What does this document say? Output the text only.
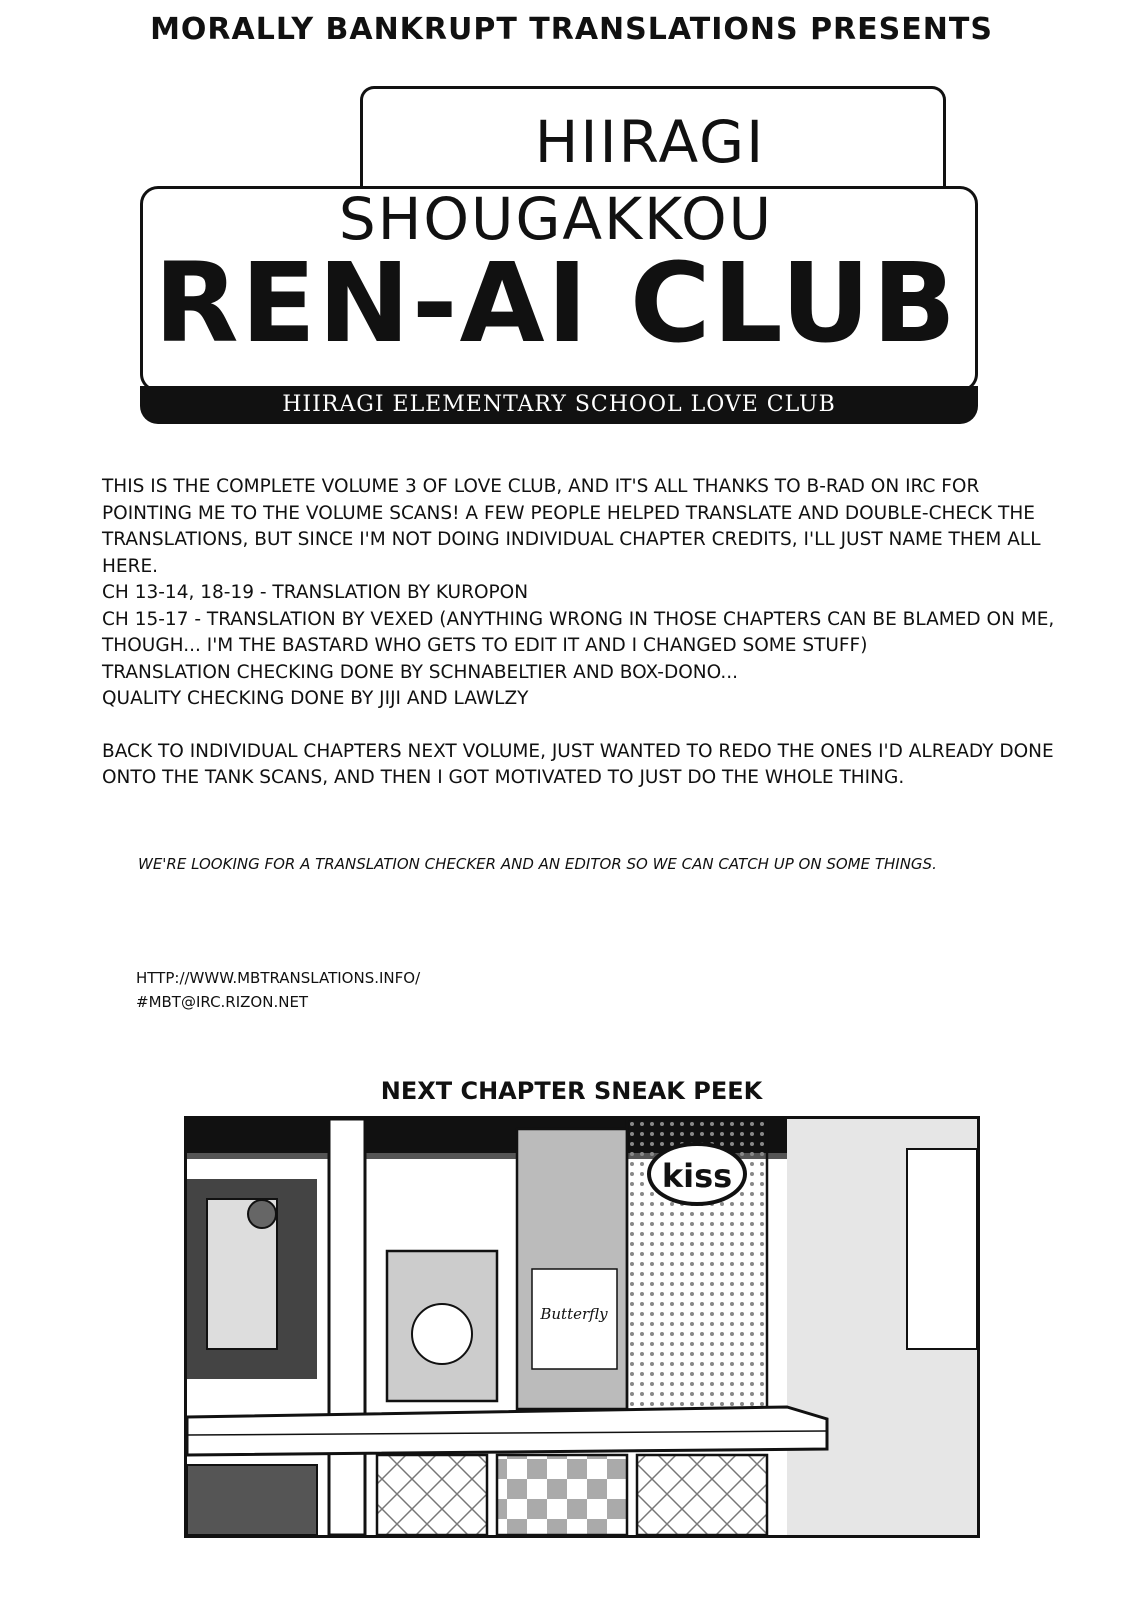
MORALLY BANKRUPT TRANSLATIONS PRESENTS
HIIRAGI
SHOUGAKKOU
REN-AI CLUB
HIIRAGI ELEMENTARY SCHOOL LOVE CLUB

THIS IS THE COMPLETE VOLUME 3 OF LOVE CLUB, AND IT'S ALL THANKS TO B-RAD ON IRC FOR POINTING ME TO THE VOLUME SCANS! A FEW PEOPLE HELPED TRANSLATE AND DOUBLE-CHECK THE TRANSLATIONS, BUT SINCE I'M NOT DOING INDIVIDUAL CHAPTER CREDITS, I'LL JUST NAME THEM ALL HERE.

CH 13-14, 18-19 - TRANSLATION BY KUROPON

CH 15-17 - TRANSLATION BY VEXED (ANYTHING WRONG IN THOSE CHAPTERS CAN BE BLAMED ON ME, THOUGH... I'M THE BASTARD WHO GETS TO EDIT IT AND I CHANGED SOME STUFF)

TRANSLATION CHECKING DONE BY SCHNABELTIER AND BOX-DONO...

QUALITY CHECKING DONE BY JIJI AND LAWLZY

BACK TO INDIVIDUAL CHAPTERS NEXT VOLUME, JUST WANTED TO REDO THE ONES I'D ALREADY DONE ONTO THE TANK SCANS, AND THEN I GOT MOTIVATED TO JUST DO THE WHOLE THING.

WE'RE LOOKING FOR A TRANSLATION CHECKER AND AN EDITOR SO WE CAN CATCH UP ON SOME THINGS.
HTTP://WWW.MBTRANSLATIONS.INFO/
#MBT@IRC.RIZON.NET
NEXT CHAPTER SNEAK PEEK
Butterfly
kiss
